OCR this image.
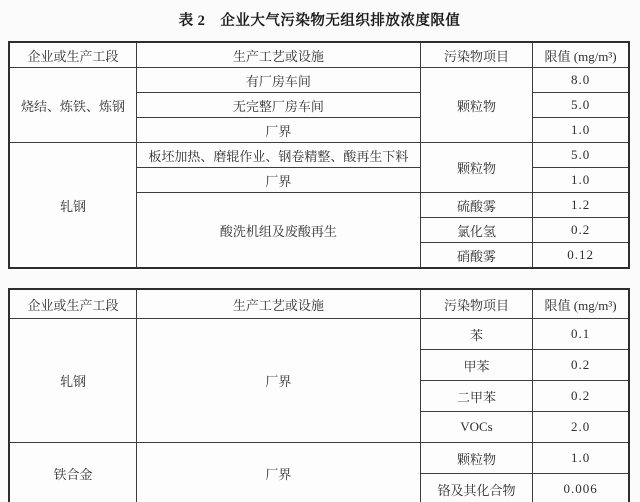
表 2　企业大气污染物无组织排放浓度限值
企业或生产工段	生产工艺或设施	污染物项目	限值 (mg/m³)
烧结、炼铁、炼钢	有厂房车间	颗粒物	8.0
	无完整厂房车间		5.0
	厂界		1.0
轧钢	板坯加热、磨辊作业、钢卷精整、酸再生下料	颗粒物	5.0
	厂界		1.0
	酸洗机组及废酸再生	硫酸雾	1.2
		氯化氢	0.2
		硝酸雾	0.12
企业或生产工段	生产工艺或设施	污染物项目	限值 (mg/m³)
轧钢	厂界	苯	0.1
		甲苯	0.2
		二甲苯	0.2
		VOCs	2.0
铁合金	厂界	颗粒物	1.0
		铬及其化合物	0.006
